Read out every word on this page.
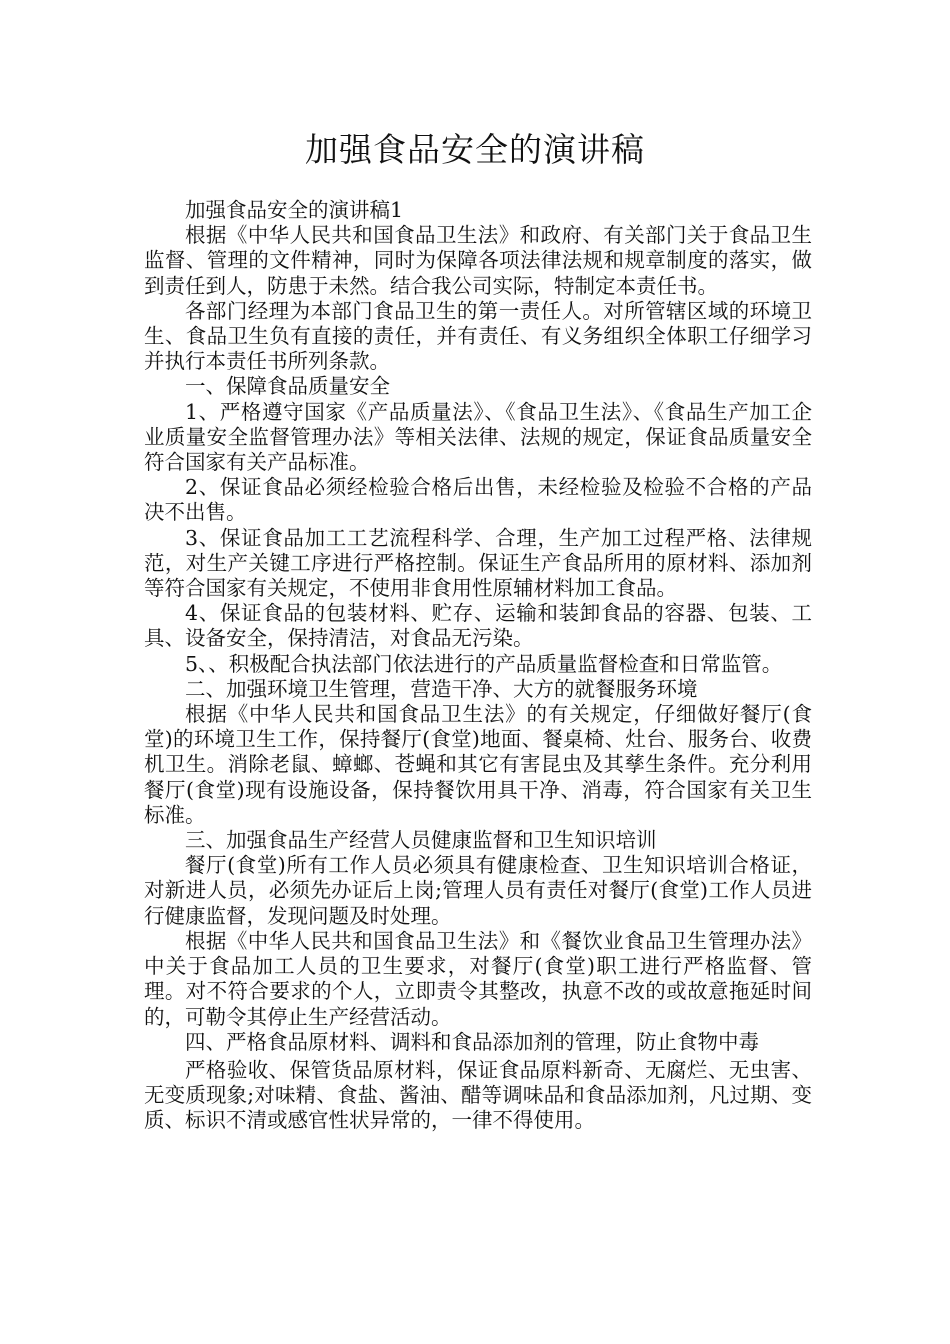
加强食品安全的演讲稿

加强食品安全的演讲稿1

根据《中华人民共和国食品卫生法》和政府、有关部门关于食品卫生监督、管理的文件精神，同时为保障各项法律法规和规章制度的落实，做到责任到人，防患于未然。结合我公司实际，特制定本责任书。

各部门经理为本部门食品卫生的第一责任人。对所管辖区域的环境卫生、食品卫生负有直接的责任，并有责任、有义务组织全体职工仔细学习并执行本责任书所列条款。

一、保障食品质量安全

1、严格遵守国家《产品质量法》、《食品卫生法》、《食品生产加工企业质量安全监督管理办法》等相关法律、法规的规定，保证食品质量安全符合国家有关产品标准。

2、保证食品必须经检验合格后出售，未经检验及检验不合格的产品决不出售。

3、保证食品加工工艺流程科学、合理，生产加工过程严格、法律规范，对生产关键工序进行严格控制。保证生产食品所用的原材料、添加剂等符合国家有关规定，不使用非食用性原辅材料加工食品。

4、保证食品的包装材料、贮存、运输和装卸食品的容器、包装、工具、设备安全，保持清洁，对食品无污染。

5、、积极配合执法部门依法进行的产品质量监督检查和日常监管。

二、加强环境卫生管理，营造干净、大方的就餐服务环境

根据《中华人民共和国食品卫生法》的有关规定，仔细做好餐厅(食堂)的环境卫生工作，保持餐厅(食堂)地面、餐桌椅、灶台、服务台、收费机卫生。消除老鼠、蟑螂、苍蝇和其它有害昆虫及其孳生条件。充分利用餐厅(食堂)现有设施设备，保持餐饮用具干净、消毒，符合国家有关卫生标准。

三、加强食品生产经营人员健康监督和卫生知识培训

餐厅(食堂)所有工作人员必须具有健康检查、卫生知识培训合格证，对新进人员，必须先办证后上岗;管理人员有责任对餐厅(食堂)工作人员进行健康监督，发现问题及时处理。

根据《中华人民共和国食品卫生法》和《餐饮业食品卫生管理办法》中关于食品加工人员的卫生要求，对餐厅(食堂)职工进行严格监督、管理。对不符合要求的个人，立即责令其整改，执意不改的或故意拖延时间的，可勒令其停止生产经营活动。

四、严格食品原材料、调料和食品添加剂的管理，防止食物中毒

严格验收、保管货品原材料，保证食品原料新奇、无腐烂、无虫害、无变质现象;对味精、食盐、酱油、醋等调味品和食品添加剂，凡过期、变质、标识不清或感官性状异常的，一律不得使用。
